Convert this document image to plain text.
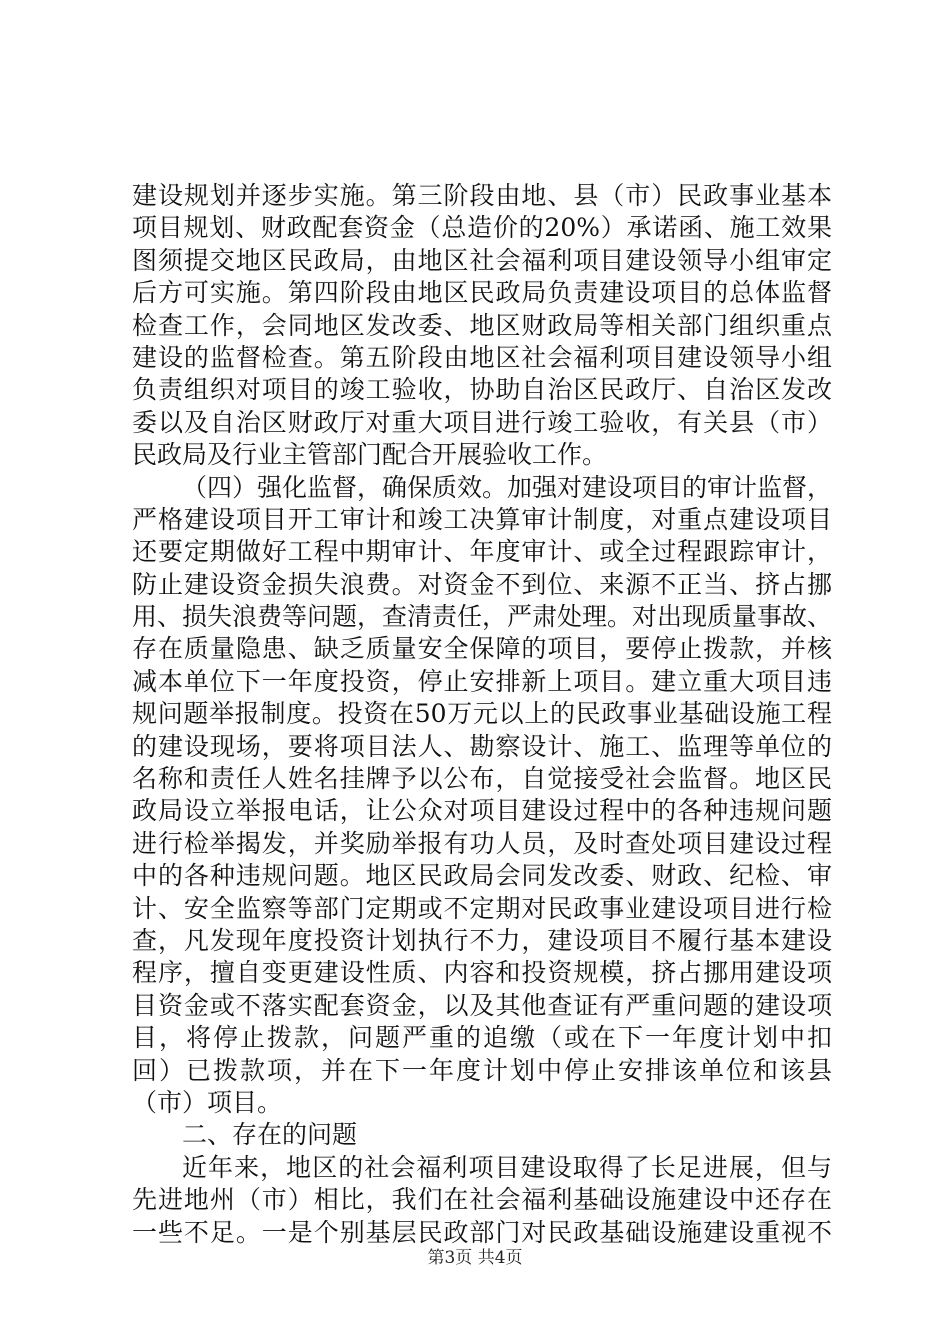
建设规划并逐步实施。第三阶段由地、县（市）民政事业基本
项目规划、财政配套资金（总造价的20%）承诺函、施工效果
图须提交地区民政局，由地区社会福利项目建设领导小组审定
后方可实施。第四阶段由地区民政局负责建设项目的总体监督
检查工作，会同地区发改委、地区财政局等相关部门组织重点
建设的监督检查。第五阶段由地区社会福利项目建设领导小组
负责组织对项目的竣工验收，协助自治区民政厅、自治区发改
委以及自治区财政厅对重大项目进行竣工验收，有关县（市）
民政局及行业主管部门配合开展验收工作。
（四）强化监督，确保质效。加强对建设项目的审计监督，
严格建设项目开工审计和竣工决算审计制度，对重点建设项目
还要定期做好工程中期审计、年度审计、或全过程跟踪审计，
防止建设资金损失浪费。对资金不到位、来源不正当、挤占挪
用、损失浪费等问题，查清责任，严肃处理。对出现质量事故、
存在质量隐患、缺乏质量安全保障的项目，要停止拨款，并核
减本单位下一年度投资，停止安排新上项目。建立重大项目违
规问题举报制度。投资在50万元以上的民政事业基础设施工程
的建设现场，要将项目法人、勘察设计、施工、监理等单位的
名称和责任人姓名挂牌予以公布，自觉接受社会监督。地区民
政局设立举报电话，让公众对项目建设过程中的各种违规问题
进行检举揭发，并奖励举报有功人员，及时查处项目建设过程
中的各种违规问题。地区民政局会同发改委、财政、纪检、审
计、安全监察等部门定期或不定期对民政事业建设项目进行检
查，凡发现年度投资计划执行不力，建设项目不履行基本建设
程序，擅自变更建设性质、内容和投资规模，挤占挪用建设项
目资金或不落实配套资金，以及其他查证有严重问题的建设项
目，将停止拨款，问题严重的追缴（或在下一年度计划中扣
回）已拨款项，并在下一年度计划中停止安排该单位和该县
（市）项目。
二、存在的问题
近年来，地区的社会福利项目建设取得了长足进展，但与
先进地州（市）相比，我们在社会福利基础设施建设中还存在
一些不足。一是个别基层民政部门对民政基础设施建设重视不
第3页 共4页
